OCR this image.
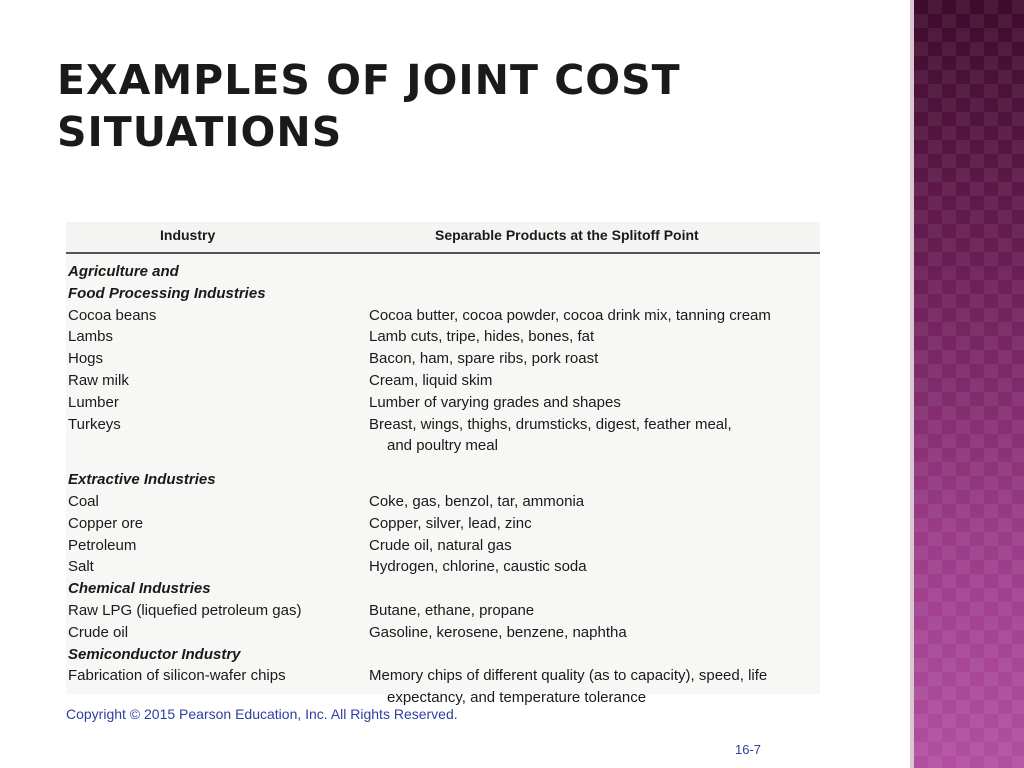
EXAMPLES OF JOINT COST SITUATIONS
Industry	Separable Products at the Splitoff Point
Agriculture and
Food Processing Industries
Cocoa beans	Cocoa butter, cocoa powder, cocoa drink mix, tanning cream
Lambs	Lamb cuts, tripe, hides, bones, fat
Hogs	Bacon, ham, spare ribs, pork roast
Raw milk	Cream, liquid skim
Lumber	Lumber of varying grades and shapes
Turkeys	Breast, wings, thighs, drumsticks, digest, feather meal,
and poultry meal
Extractive Industries
Coal	Coke, gas, benzol, tar, ammonia
Copper ore	Copper, silver, lead, zinc
Petroleum	Crude oil, natural gas
Salt	Hydrogen, chlorine, caustic soda
Chemical Industries
Raw LPG (liquefied petroleum gas)	Butane, ethane, propane
Crude oil	Gasoline, kerosene, benzene, naphtha
Semiconductor Industry
Fabrication of silicon-wafer chips	Memory chips of different quality (as to capacity), speed, life
expectancy, and temperature tolerance
Copyright © 2015 Pearson Education, Inc. All Rights Reserved.
16-7
